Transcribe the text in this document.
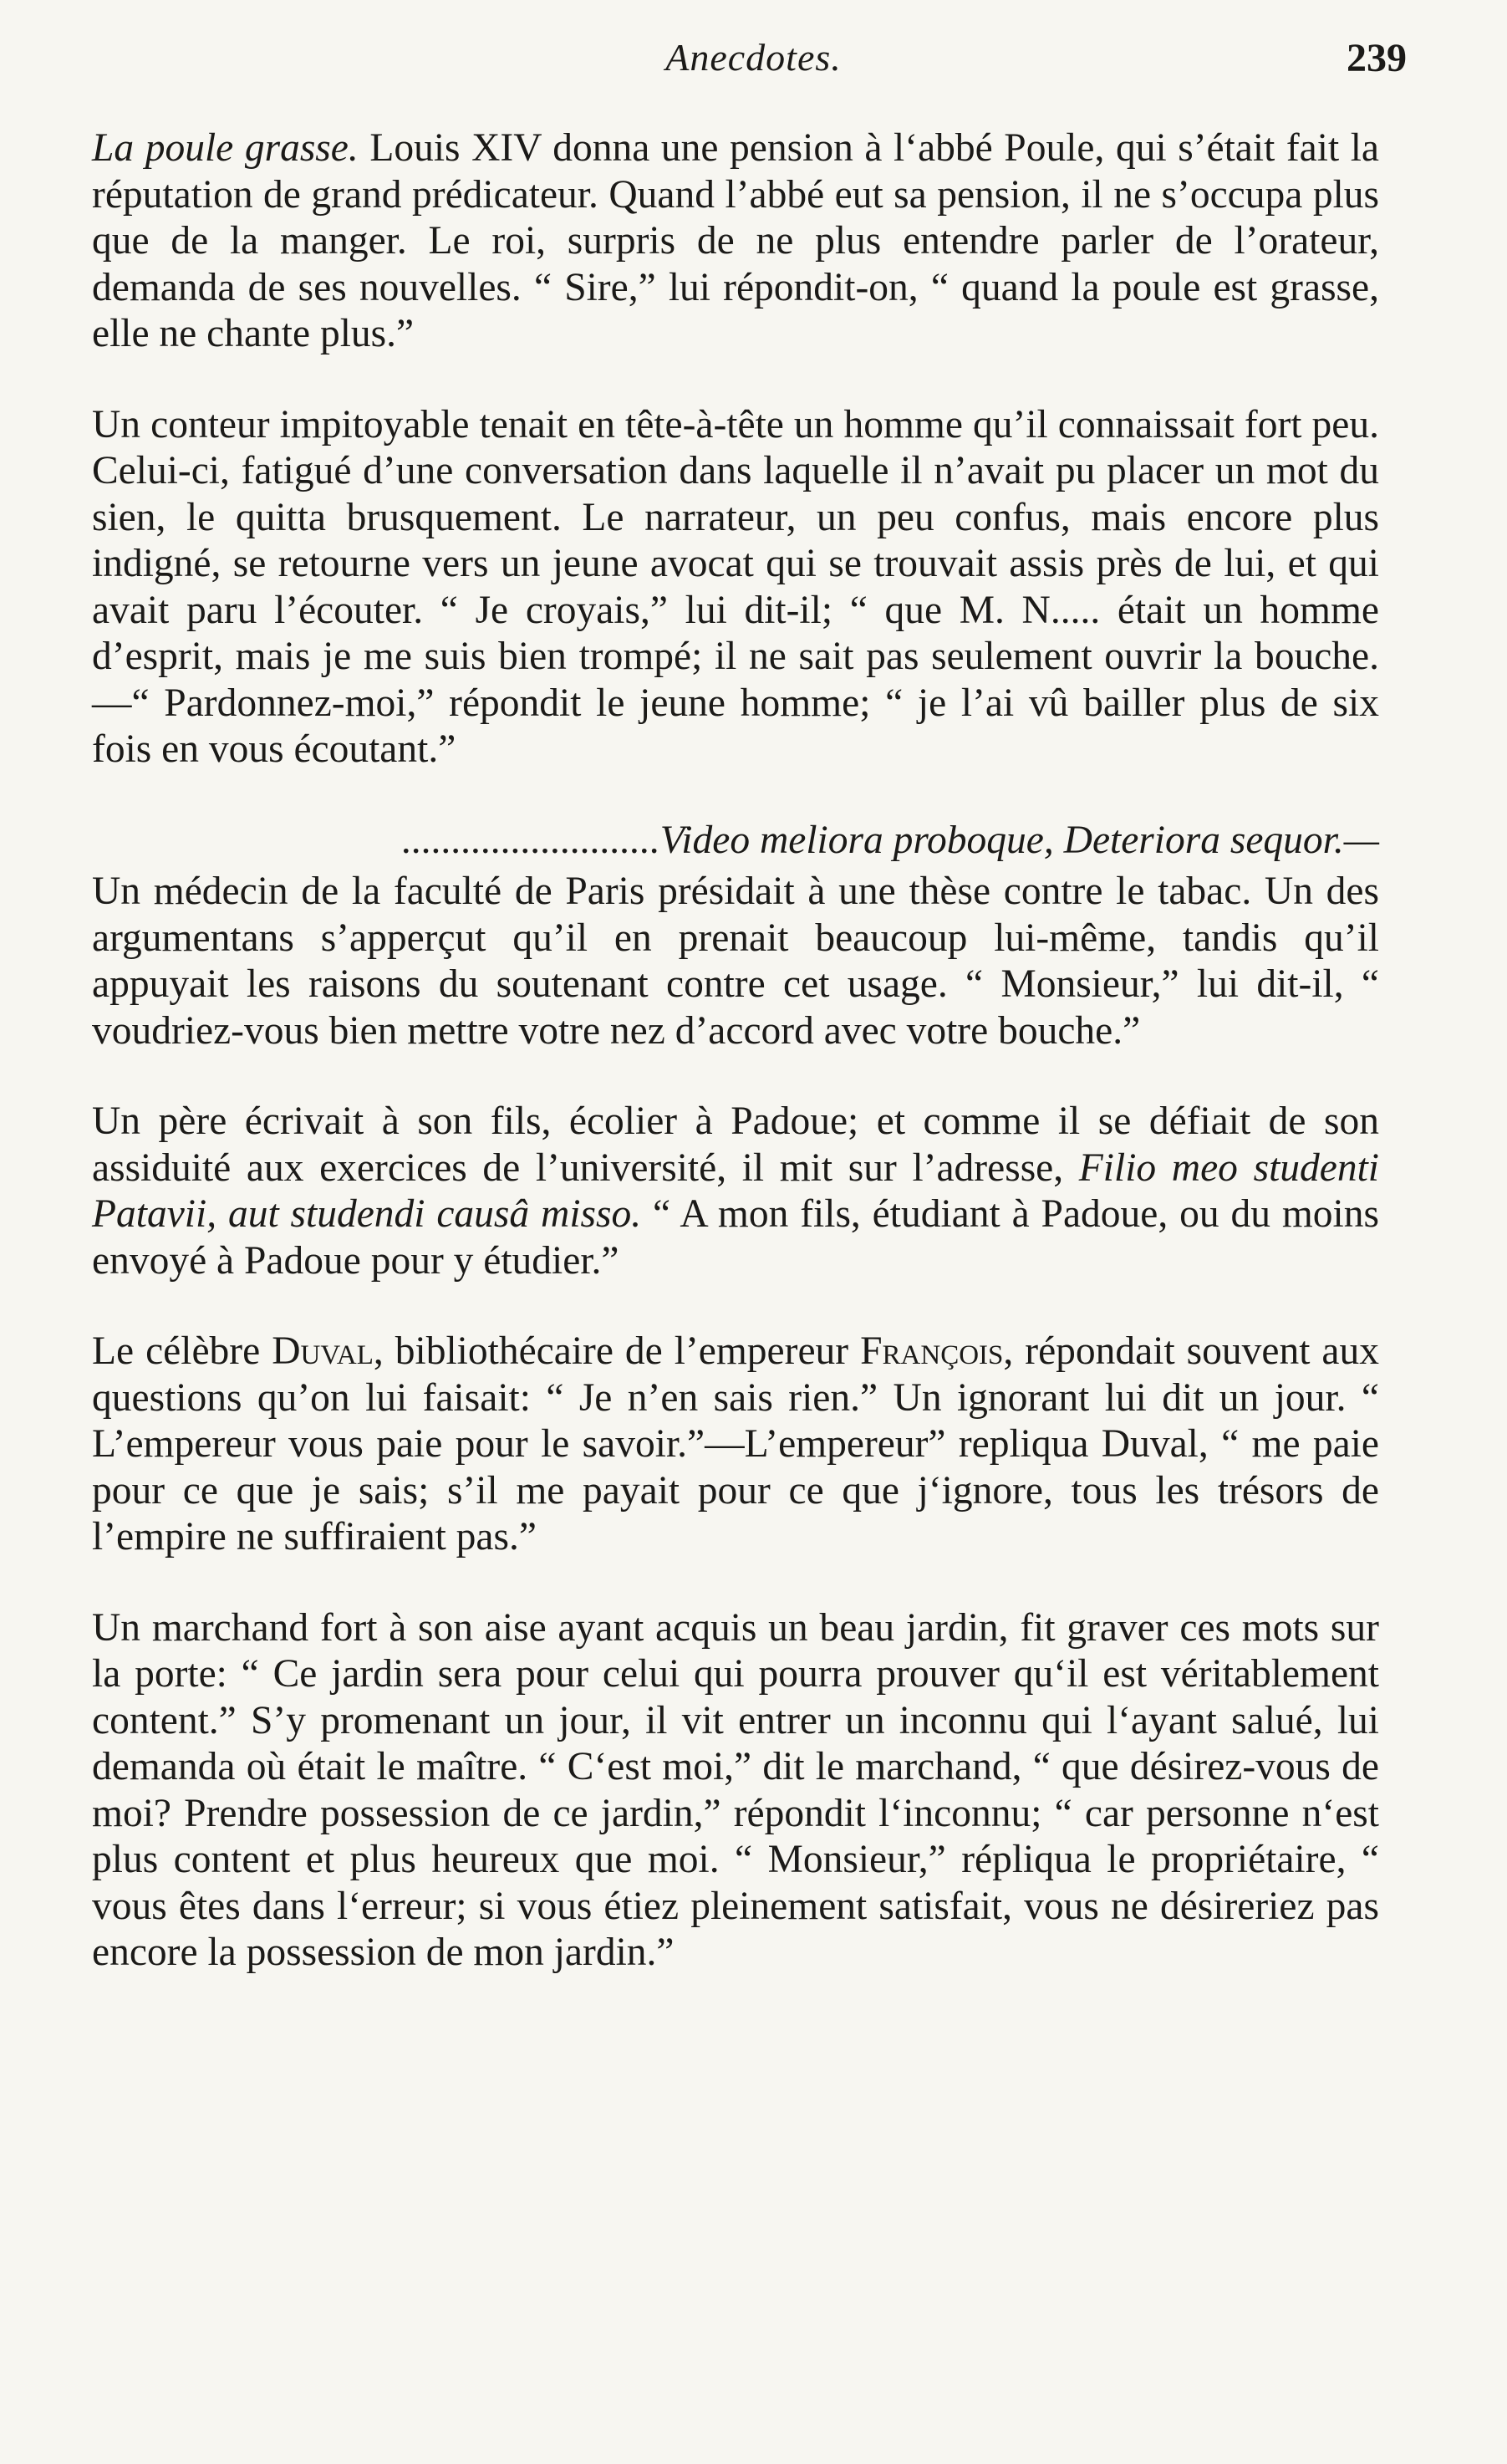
Anecdotes.	239

La poule grasse. Louis XIV donna une pension à l‘abbé Poule, qui s’était fait la réputation de grand prédicateur. Quand l’abbé eut sa pension, il ne s’occupa plus que de la manger. Le roi, surpris de ne plus entendre parler de l’orateur, demanda de ses nouvelles. “ Sire,” lui répondit-on, “ quand la poule est grasse, elle ne chante plus.”

Un conteur impitoyable tenait en tête-à-tête un homme qu’il connaissait fort peu. Celui-ci, fatigué d’une conversation dans laquelle il n’avait pu placer un mot du sien, le quitta brusquement. Le narrateur, un peu confus, mais encore plus indigné, se retourne vers un jeune avocat qui se trouvait assis près de lui, et qui avait paru l’écouter. “ Je croyais,” lui dit-il; “ que M. N..... était un homme d’esprit, mais je me suis bien trompé; il ne sait pas seulement ouvrir la bouche.—“ Pardonnez-moi,” répondit le jeune homme; “ je l’ai vû bailler plus de six fois en vous écoutant.”

..........................Video meliora proboque, Deteriora sequor.—

Un médecin de la faculté de Paris présidait à une thèse contre le tabac. Un des argumentans s’apperçut qu’il en prenait beaucoup lui-même, tandis qu’il appuyait les raisons du soutenant contre cet usage. “ Monsieur,” lui dit-il, “ voudriez-vous bien mettre votre nez d’accord avec votre bouche.”

Un père écrivait à son fils, écolier à Padoue; et comme il se défiait de son assiduité aux exercices de l’université, il mit sur l’adresse, Filio meo studenti Patavii, aut studendi causâ misso. “ A mon fils, étudiant à Padoue, ou du moins envoyé à Padoue pour y étudier.”

Le célèbre Duval, bibliothécaire de l’empereur François, répondait souvent aux questions qu’on lui faisait: “ Je n’en sais rien.” Un ignorant lui dit un jour. “ L’empereur vous paie pour le savoir.”—L’empereur” repliqua Duval, “ me paie pour ce que je sais; s’il me payait pour ce que j‘ignore, tous les trésors de l’empire ne suffiraient pas.”

Un marchand fort à son aise ayant acquis un beau jardin, fit graver ces mots sur la porte: “ Ce jardin sera pour celui qui pourra prouver qu‘il est véritablement content.” S’y promenant un jour, il vit entrer un inconnu qui l‘ayant salué, lui demanda où était le maître. “ C‘est moi,” dit le marchand, “ que désirez-vous de moi? Prendre possession de ce jardin,” répondit l‘inconnu; “ car personne n‘est plus content et plus heureux que moi. “ Monsieur,” répliqua le propriétaire, “ vous êtes dans l‘erreur; si vous étiez pleinement satisfait, vous ne désireriez pas encore la possession de mon jardin.”
